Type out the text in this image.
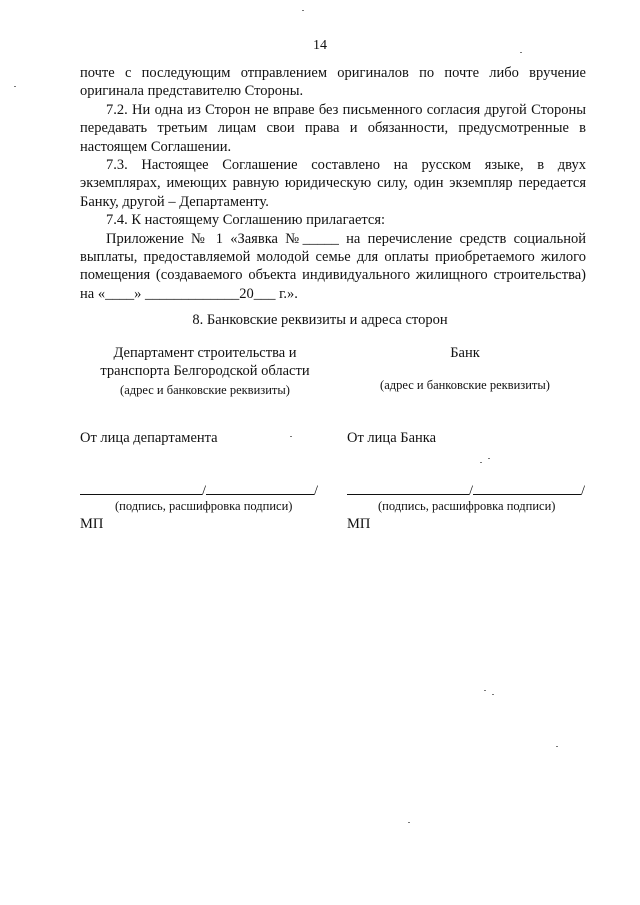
14

почте с последующим отправлением оригиналов по почте либо вручение оригинала представителю Стороны.

7.2. Ни одна из Сторон не вправе без письменного согласия другой Стороны передавать третьим лицам свои права и обязанности, предусмотренные в настоящем Соглашении.

7.3. Настоящее Соглашение составлено на русском языке, в двух экземплярах, имеющих равную юридическую силу, один экземпляр передается Банку, другой – Департаменту.

7.4. К настоящему Соглашению прилагается:

Приложение № 1 «Заявка №_____ на перечисление средств социальной выплаты, предоставляемой молодой семье для оплаты приобретаемого жилого помещения (создаваемого объекта индивидуального жилищного строительства) на «____» _____________20___ г.».

8. Банковские реквизиты и адреса сторон
Департамент строительства и
транспорта Белгородской области
(адрес и банковские реквизиты)
Банк
(адрес и банковские реквизиты)
От лица департамента	От лица Банка
/	/	/	/
(подпись, расшифровка подписи)	(подпись, расшифровка подписи)
МП	МП
